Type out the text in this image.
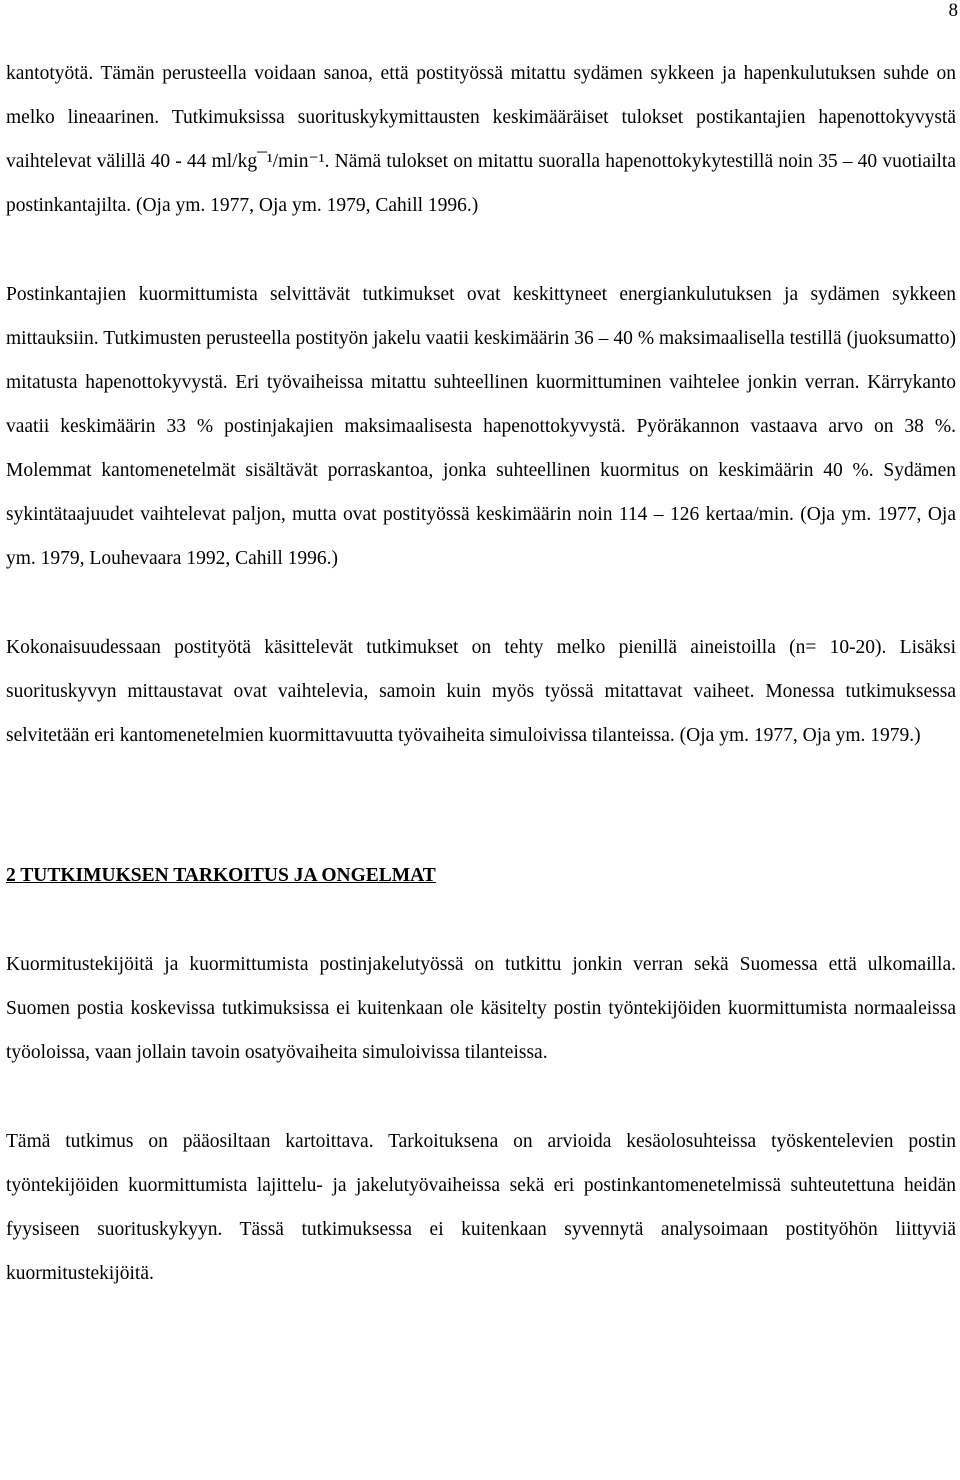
8

kantotyötä. Tämän perusteella voidaan sanoa, että postityössä mitattu sydämen sykkeen ja hapenkulutuksen suhde on melko lineaarinen. Tutkimuksissa suorituskykymittausten keskimääräiset tulokset postikantajien hapenottokyvystä vaihtelevat välillä 40 - 44 ml/kg¯¹/min⁻¹. Nämä tulokset on mitattu suoralla hapenottokykytestillä noin 35 – 40 vuotiailta postinkantajilta. (Oja ym. 1977, Oja ym. 1979, Cahill 1996.)

Postinkantajien kuormittumista selvittävät tutkimukset ovat keskittyneet energiankulutuksen ja sydämen sykkeen mittauksiin. Tutkimusten perusteella postityön jakelu vaatii keskimäärin 36 – 40 % maksimaalisella testillä (juoksumatto) mitatusta hapenottokyvystä. Eri työvaiheissa mitattu suhteellinen kuormittuminen vaihtelee jonkin verran. Kärrykanto vaatii keskimäärin 33 % postinjakajien maksimaalisesta hapenottokyvystä. Pyöräkannon vastaava arvo on 38 %. Molemmat kantomenetelmät sisältävät porraskantoa, jonka suhteellinen kuormitus on keskimäärin 40 %. Sydämen sykintätaajuudet vaihtelevat paljon, mutta ovat postityössä keskimäärin noin 114 – 126 kertaa/min. (Oja ym. 1977, Oja ym. 1979, Louhevaara 1992, Cahill 1996.)

Kokonaisuudessaan postityötä käsittelevät tutkimukset on tehty melko pienillä aineistoilla (n= 10-20). Lisäksi suorituskyvyn mittaustavat ovat vaihtelevia, samoin kuin myös työssä mitattavat vaiheet. Monessa tutkimuksessa selvitetään eri kantomenetelmien kuormittavuutta työvaiheita simuloivissa tilanteissa. (Oja ym. 1977, Oja ym. 1979.)

2 TUTKIMUKSEN TARKOITUS JA ONGELMAT

Kuormitustekijöitä ja kuormittumista postinjakelutyössä on tutkittu jonkin verran sekä Suomessa että ulkomailla. Suomen postia koskevissa tutkimuksissa ei kuitenkaan ole käsitelty postin työntekijöiden kuormittumista normaaleissa työoloissa, vaan jollain tavoin osatyövaiheita simuloivissa tilanteissa.

Tämä tutkimus on pääosiltaan kartoittava. Tarkoituksena on arvioida kesäolosuhteissa työskentelevien postin työntekijöiden kuormittumista lajittelu- ja jakelutyövaiheissa sekä eri postinkantomenetelmissä suhteutettuna heidän fyysiseen suorituskykyyn. Tässä tutkimuksessa ei kuitenkaan syvennytä analysoimaan postityöhön liittyviä kuormitustekijöitä.
